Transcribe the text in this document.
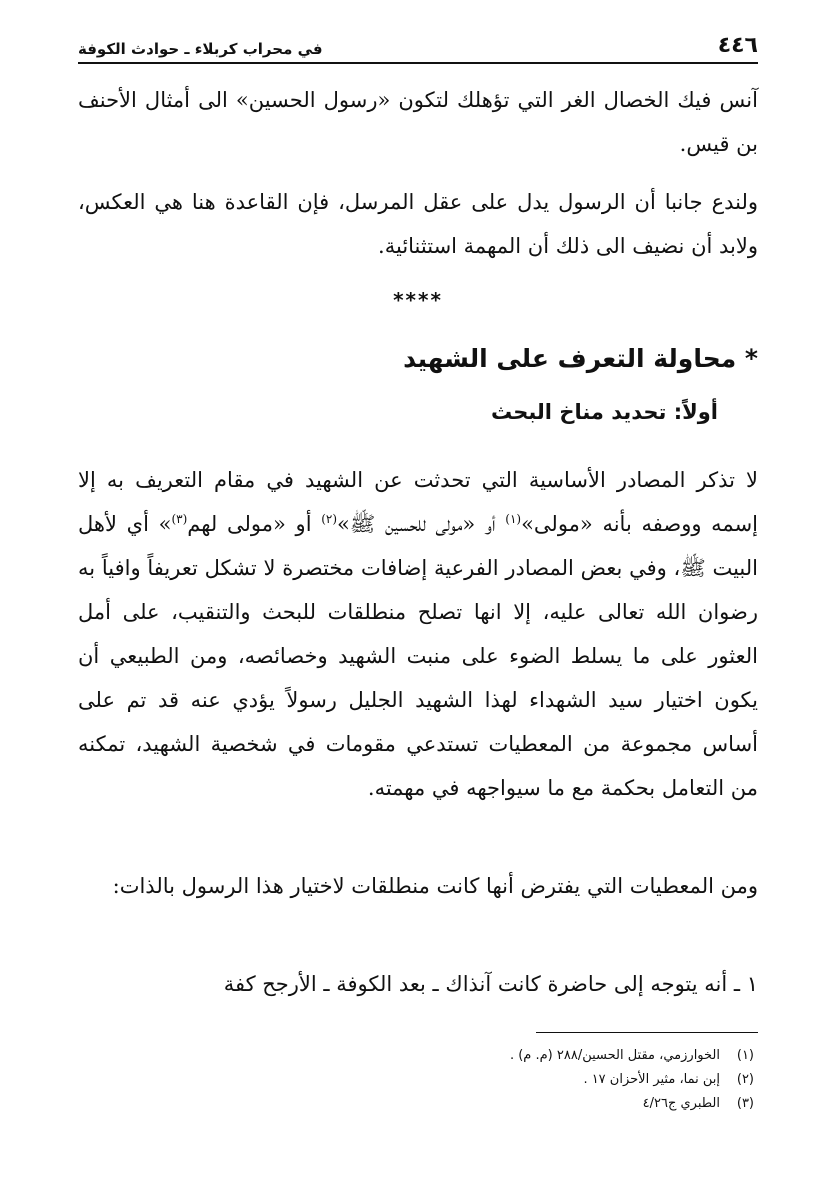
٤٤٦
في محراب كربلاء ـ حوادث الكوفة

آنس فيك الخصال الغر التي تؤهلك لتكون «رسول الحسين» الى أمثال الأحنف بن قيس.

ولندع جانبا أن الرسول يدل على عقل المرسل، فإن القاعدة هنا هي العكس، ولابد أن نضيف الى ذلك أن المهمة استثنائية.

****
* محاولة التعرف على الشهيد
أولاً: تحديد مناخ البحث

لا تذكر المصادر الأساسية التي تحدثت عن الشهيد في مقام التعريف به إلا إسمه ووصفه بأنه «مولى»$^{(١)}$ أو «مولى للحسين ﷺ»$^{(٢)}$ أو «مولى لهم$^{(٣)}$» أي لأهل البيت ﷺ، وفي بعض المصادر الفرعية إضافات مختصرة لا تشكل تعريفاً وافياً به رضوان الله تعالى عليه، إلا انها تصلح منطلقات للبحث والتنقيب، على أمل العثور على ما يسلط الضوء على منبت الشهيد وخصائصه، ومن الطبيعي أن يكون اختيار سيد الشهداء لهذا الشهيد الجليل رسولاً يؤدي عنه قد تم على أساس مجموعة من المعطيات تستدعي مقومات في شخصية الشهيد، تمكنه من التعامل بحكمة مع ما سيواجهه في مهمته.

ومن المعطيات التي يفترض أنها كانت منطلقات لاختيار هذا الرسول بالذات:

١ ـ أنه يتوجه إلى حاضرة كانت آنذاك ـ بعد الكوفة ـ الأرجح كفة

(١)الخوارزمي، مقتل الحسين/٢٨٨ (م. م) .
(٢)إبن نما، مثير الأحزان ١٧ .
(٣)الطبري ج٤/٢٦
